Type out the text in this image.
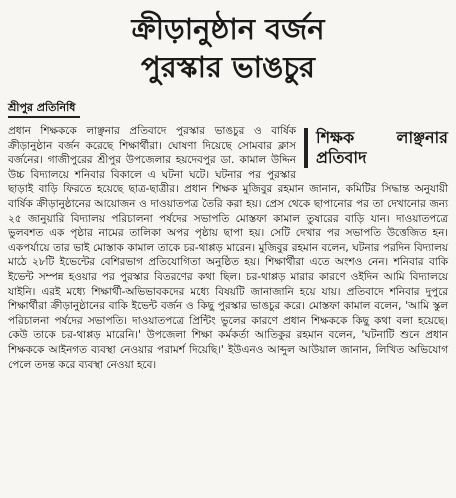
ক্রীড়ানুষ্ঠান বর্জন
পুরস্কার ভাঙচুর
শ্রীপুর প্রতিনিধি
শিক্ষক লাঞ্ছনার প্রতিবাদ

প্রধান শিক্ষককে লাঞ্ছনার প্রতিবাদে পুরস্কার ভাঙচুর ও বার্ষিক ক্রীড়ানুষ্ঠান বর্জন করেছে শিক্ষার্থীরা। ঘোষণা দিয়েছে সোমবার ক্লাস বর্জনের। গাজীপুরের শ্রীপুর উপজেলার হয়দেবপুর ডা. কামাল উদ্দিন উচ্চ বিদ্যালয়ে শনিবার বিকালে এ ঘটনা ঘটে। ঘটনার পর পুরস্কার ছাড়াই বাড়ি ফিরতে হয়েছে ছাত্র-ছাত্রীর। প্রধান শিক্ষক মুজিবুর রহমান জানান, কমিটির সিদ্ধান্ত অনুযায়ী বার্ষিক ক্রীড়ানুষ্ঠানের আয়োজন ও দাওয়াতপত্র তৈরি করা হয়। প্রেস থেকে ছাপানোর পর তা দেখানোর জন্য ২৫ জানুয়ারি বিদ্যালয় পরিচালনা পর্ষদের সভাপতি মোস্তফা কামাল তুষারের বাড়ি যান। দাওয়াতপত্রে ভুলবশত এক পৃষ্ঠার নামের তালিকা অপর পৃষ্ঠায় ছাপা হয়। সেটি দেখার পর সভাপতি উত্তেজিত হন। একপর্যায়ে তার ভাই মোস্তাক কামাল তাকে চর-থাপ্পড় মারেন। মুজিবুর রহমান বলেন, ঘটনার পরদিন বিদ্যালয় মাঠে ২৮টি ইভেন্টের বেশিরভাগ প্রতিযোগিতা অনুষ্ঠিত হয়। শিক্ষার্থীরা এতে অংশও নেন। শনিবার বাকি ইভেন্ট সম্পন্ন হওয়ার পর পুরস্কার বিতরণের কথা ছিল। চর-থাপ্পড় মারার কারণে ওইদিন আমি বিদ্যালয়ে যাইনি। এরই মধ্যে শিক্ষার্থী-অভিভাবকদের মধ্যে বিষয়টি জানাজানি হয়ে যায়। প্রতিবাদে শনিবার দুপুরে শিক্ষার্থীরা ক্রীড়ানুষ্ঠানের বাকি ইভেন্ট বর্জন ও কিছু পুরস্কার ভাঙচুর করে। মোস্তফা কামাল বলেন, 'আমি স্কুল পরিচালনা পর্ষদের সভাপতি। দাওয়াতপত্রে প্রিন্টিং ভুলের কারণে প্রধান শিক্ষককে কিছু কথা বলা হয়েছে। কেউ তাকে চর-থাপ্পড় মারেনি।' উপজেলা শিক্ষা কর্মকর্তা আতিকুর রহমান বলেন, 'ঘটনাটি শুনে প্রধান শিক্ষককে আইনগত ব্যবস্থা নেওয়ার পরামর্শ দিয়েছি।' ইউএনও আব্দুল আউয়াল জানান, লিখিত অভিযোগ পেলে তদন্ত করে ব্যবস্থা নেওয়া হবে।
